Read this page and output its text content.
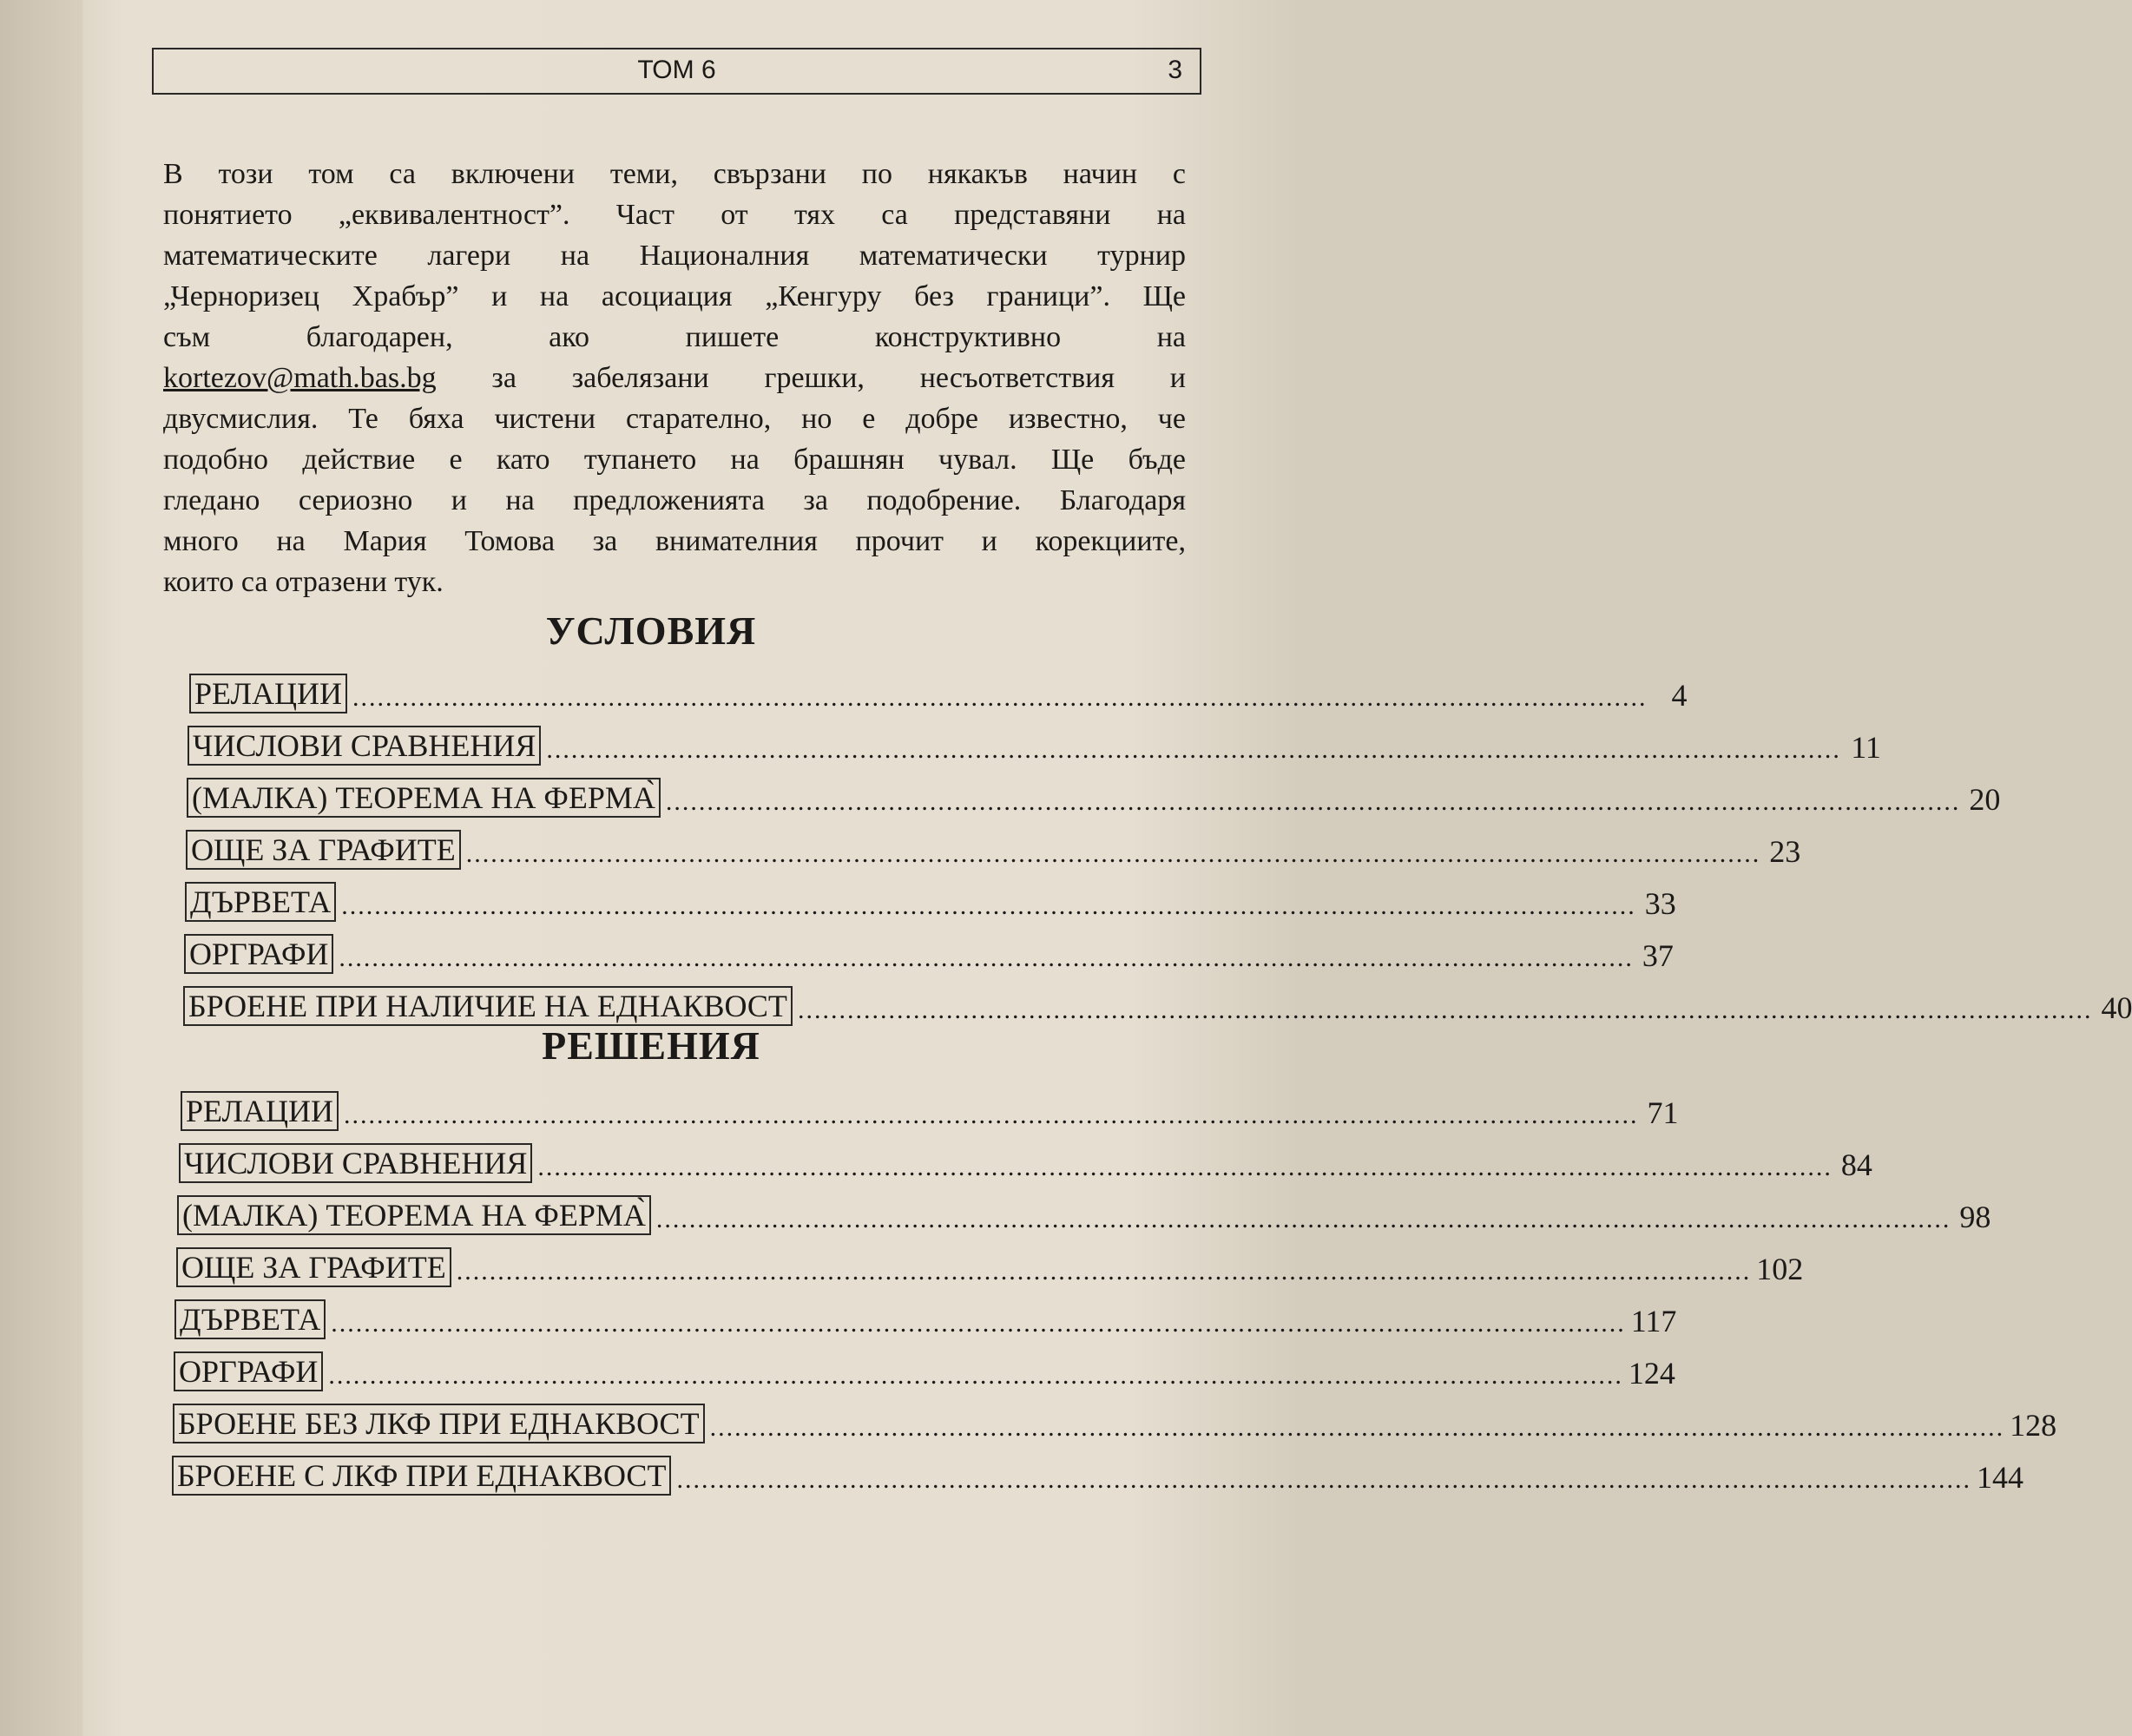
ТОМ 6	3

В този том са включени теми, свързани по някакъв начин с
понятието „еквивалентност”. Част от тях са представяни на
математическите лагери на Националния математически турнир
„Черноризец Храбър” и на асоциация „Кенгуру без граници”. Ще
съм благодарен, ако пишете конструктивно на
kortezov@math.bas.bg за забелязани грешки, несъответствия и
двусмислия. Те бяха чистени старателно, но е добре известно, че
подобно действие е като тупането на брашнян чувал. Ще бъде
гледано сериозно и на предложенията за подобрение. Благодаря
много на Мария Томова за внимателния прочит и корекциите,
които са отразени тук.

УСЛОВИЯ
РЕЛАЦИИ ............................................................................................................................................................. 4
ЧИСЛОВИ СРАВНЕНИЯ ............................................................................................................................................................. 11
(МАЛКА) ТЕОРЕМА НА ФЕРМА̀ ............................................................................................................................................................. 20
ОЩЕ ЗА ГРАФИТЕ ............................................................................................................................................................. 23
ДЪРВЕТА ............................................................................................................................................................. 33
ОРГРАФИ ............................................................................................................................................................. 37
БРОЕНЕ ПРИ НАЛИЧИЕ НА ЕДНАКВОСТ ............................................................................................................................................................. 40
РЕШЕНИЯ
РЕЛАЦИИ ............................................................................................................................................................. 71
ЧИСЛОВИ СРАВНЕНИЯ ............................................................................................................................................................. 84
(МАЛКА) ТЕОРЕМА НА ФЕРМА̀ ............................................................................................................................................................. 98
ОЩЕ ЗА ГРАФИТЕ ............................................................................................................................................................. 102
ДЪРВЕТА ............................................................................................................................................................. 117
ОРГРАФИ ............................................................................................................................................................. 124
БРОЕНЕ БЕЗ ЛКФ ПРИ ЕДНАКВОСТ ............................................................................................................................................................. 128
БРОЕНЕ С ЛКФ ПРИ ЕДНАКВОСТ ............................................................................................................................................................. 144
